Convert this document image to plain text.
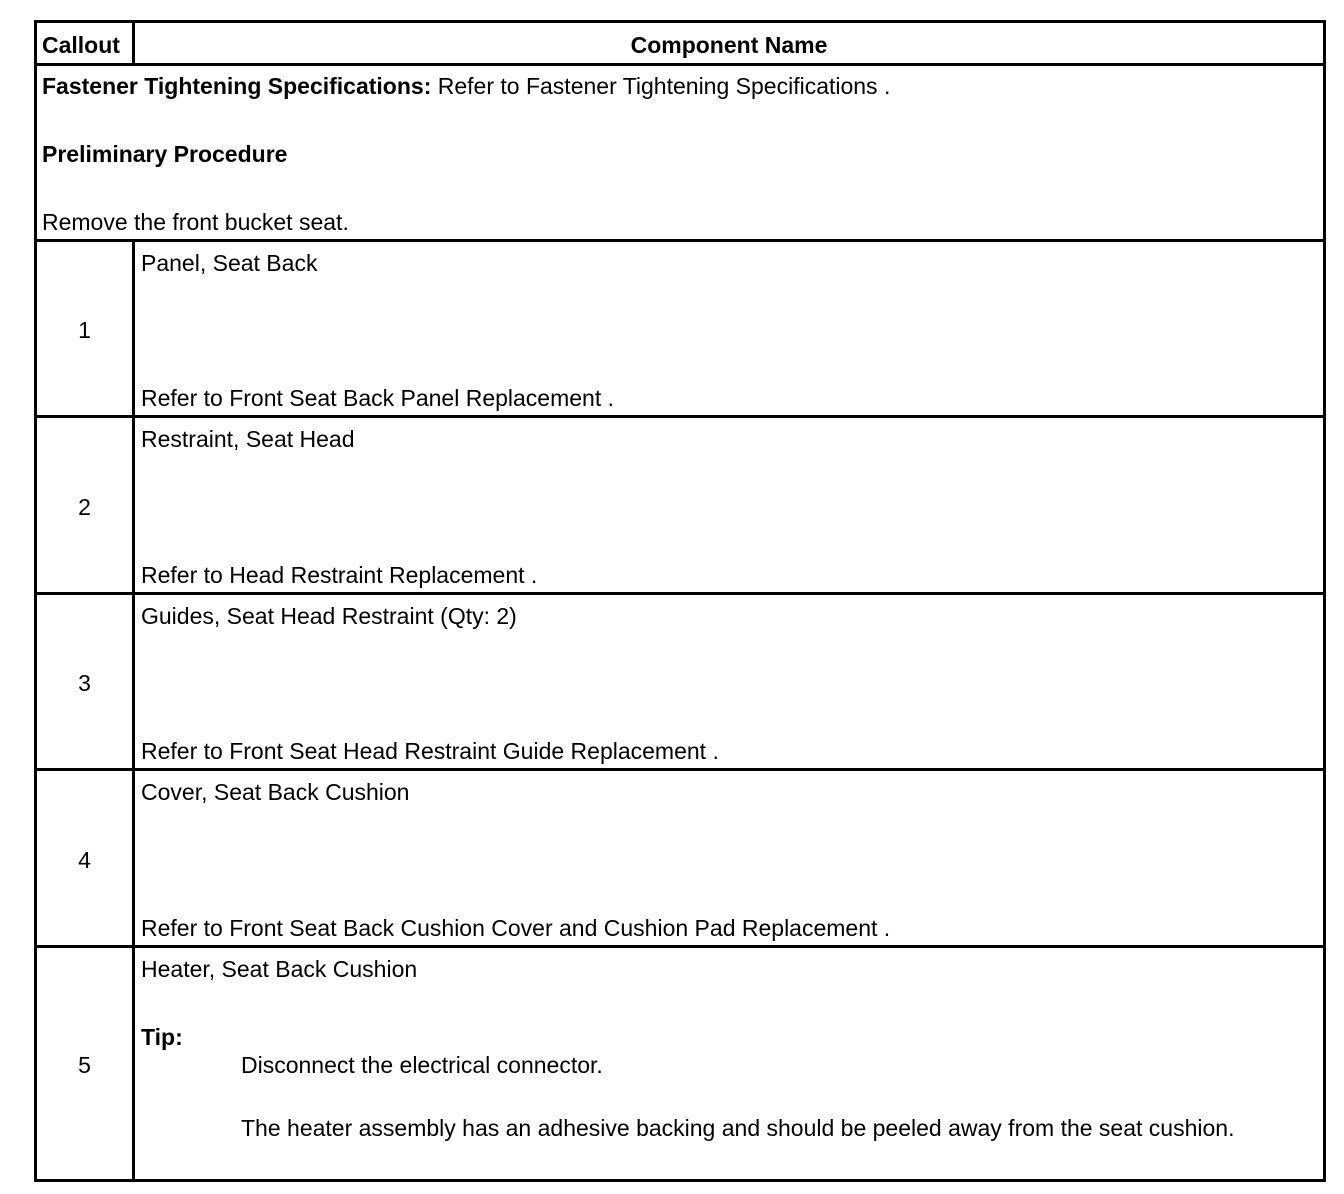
Callout	Component Name
Fastener Tightening Specifications: Refer to Fastener Tightening Specifications .
Preliminary Procedure
Remove the front bucket seat.
1
Panel, Seat Back
Refer to Front Seat Back Panel Replacement .
2
Restraint, Seat Head
Refer to Head Restraint Replacement .
3
Guides, Seat Head Restraint (Qty: 2)
Refer to Front Seat Head Restraint Guide Replacement .
4
Cover, Seat Back Cushion
Refer to Front Seat Back Cushion Cover and Cushion Pad Replacement .
5
Heater, Seat Back Cushion
Tip:
Disconnect the electrical connector.
The heater assembly has an adhesive backing and should be peeled away from the seat cushion.
